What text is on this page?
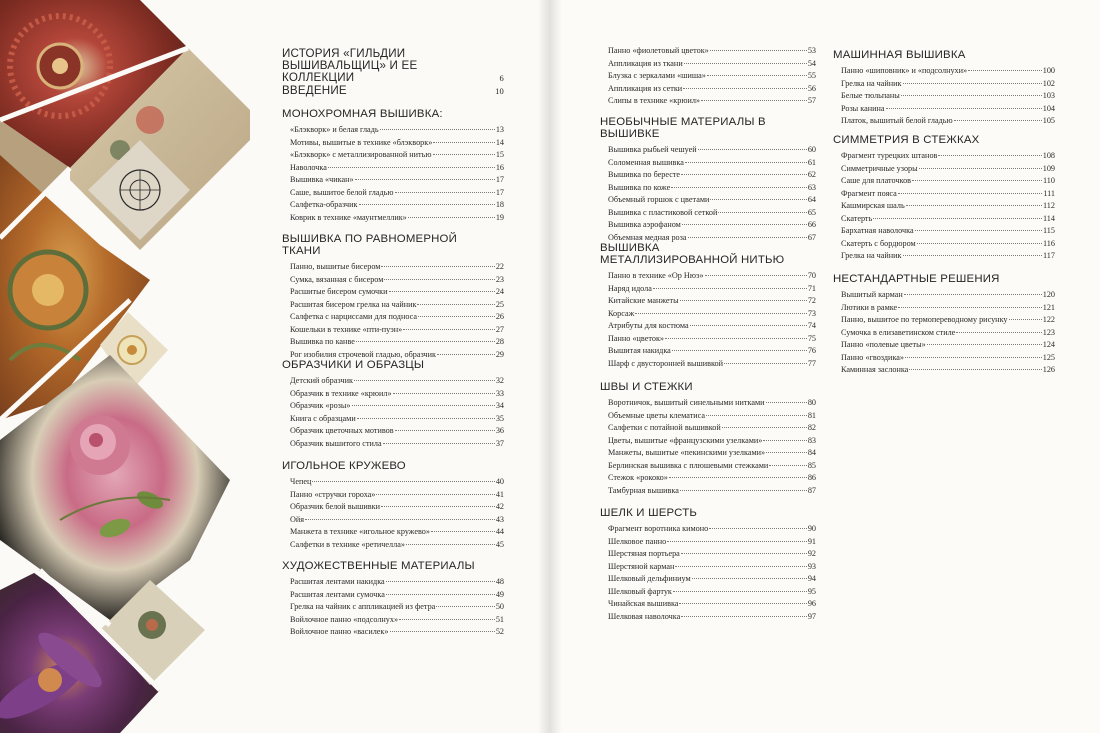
ИСТОРИЯ «ГИЛЬДИИ ВЫШИВАЛЬЩИЦ» И ЕЕ КОЛЛЕКЦИИ	6
ВВЕДЕНИЕ	10
МОНОХРОМНАЯ ВЫШИВКА:
«Блэкворк» и белая гладь	13
Мотивы, вышитые в технике «блэкворк»	14
«Блэкворк» с металлизированной нитью	15
Наволочка	16
Вышивка «чикан»	17
Саше, вышитое белой гладью	17
Салфетка-образчик	18
Коврик в технике «маунтмеллик»	19
ВЫШИВКА ПО РАВНОМЕРНОЙ ТКАНИ
Панно, вышитые бисером	22
Сумка, вязанная с бисером	23
Расшитые бисером сумочки	24
Расшитая бисером грелка на чайник	25
Салфетка с нарциссами для подноса	26
Кошельки в технике «пти-пуэн»	27
Вышивка по канве	28
Рог изобилия строчевой гладью, образчик	29
ОБРАЗЧИКИ И ОБРАЗЦЫ
Детский образчик	32
Образчик в технике «крюил»	33
Образчик «розы»	34
Книга с образцами	35
Образчик цветочных мотивов	36
Образчик вышитого стила	37
ИГОЛЬНОЕ КРУЖЕВО
Чепец	40
Панно «стручки гороха»	41
Образчик белой вышивки	42
Ойя	43
Манжета в технике «игольное кружево»	44
Салфетки в технике «ретичелла»	45
ХУДОЖЕСТВЕННЫЕ МАТЕРИАЛЫ
Расшитая лентами накидка	48
Расшитая лентами сумочка	49
Грелка на чайник с аппликацией из фетра	50
Войлочное панно «подсолнух»	51
Войлочное панно «василек»	52
Панно «фиолетовый цветок»	53
Аппликация из ткани	54
Блузка с зеркалами «шиша»	55
Аппликация из сетки	56
Слипы в технике «крюил»	57
НЕОБЫЧНЫЕ МАТЕРИАЛЫ В ВЫШИВКЕ
Вышивка рыбьей чешуей	60
Соломенная вышивка	61
Вышивка по бересте	62
Вышивка по коже	63
Объемный горшок с цветами	64
Вышивка с пластиковой сеткой	65
Вышивка аэрофаном	66
Объемная медная роза	67
ВЫШИВКА МЕТАЛЛИЗИРОВАННОЙ НИТЬЮ
Панно в технике «Ор Нюэ»	70
Наряд идола	71
Китайские манжеты	72
Корсаж	73
Атрибуты для костюма	74
Панно «цветок»	75
Вышитая накидка	76
Шарф с двусторонней вышивкой	77
ШВЫ И СТЕЖКИ
Воротничок, вышитый синельными нитками	80
Объемные цветы клематиса	81
Салфетки с потайной вышивкой	82
Цветы, вышитые «французскими узелками»	83
Манжеты, вышитые «пекинскими узелками»	84
Берлинская вышивка с плюшевыми стежками	85
Стежок «рококо»	86
Тамбурная вышивка	87
ШЕЛК И ШЕРСТЬ
Фрагмент воротника кимоно	90
Шелковое панно	91
Шерстяная портьера	92
Шерстяной карман	93
Шелковый дельфиниум	94
Шелковый фартук	95
Чинайская вышивка	96
Шелковая наволочка	97
МАШИННАЯ ВЫШИВКА
Панно «шиповник» и «подсолнухи»	100
Грелка на чайник	102
Белые тюльпаны	103
Розы канина	104
Платок, вышитый белой гладью	105
СИММЕТРИЯ В СТЕЖКАХ
Фрагмент турецких штанов	108
Симметричные узоры	109
Саше для платочков	110
Фрагмент пояса	111
Кашмирская шаль	112
Скатерть	114
Бархатная наволочка	115
Скатерть с бордюром	116
Грелка на чайник	117
НЕСТАНДАРТНЫЕ РЕШЕНИЯ
Вышитый карман	120
Лютики в рамке	121
Панно, вышитое по термопереводному рисунку	122
Сумочка в елизаветинском стиле	123
Панно «полевые цветы»	124
Панно «гвоздика»	125
Каминная заслонка	126
